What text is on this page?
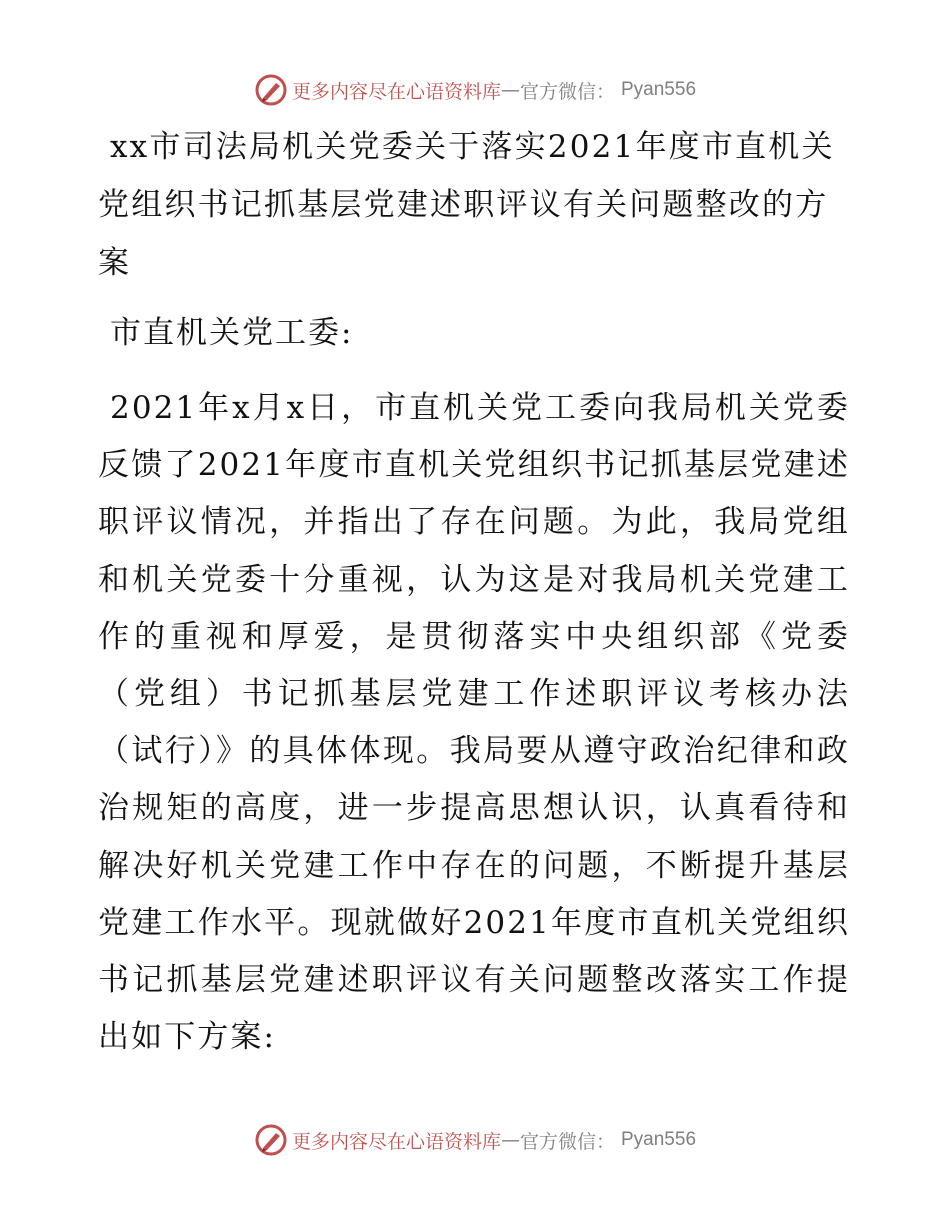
更多内容尽在心语资料库 — 官方微信： Pyan556
xx市司法局机关党委关于落实2021年度市直机关党组织书记抓基层党建述职评议有关问题整改的方案

市直机关党工委:

2021年x月x日，市直机关党工委向我局机关党委反馈了2021年度市直机关党组织书记抓基层党建述职评议情况，并指出了存在问题。为此，我局党组和机关党委十分重视，认为这是对我局机关党建工作的重视和厚爱，是贯彻落实中央组织部《党委（党组）书记抓基层党建工作述职评议考核办法（试行）》的具体体现。我局要从遵守政治纪律和政治规矩的高度，进一步提高思想认识，认真看待和解决好机关党建工作中存在的问题，不断提升基层党建工作水平。现就做好2021年度市直机关党组织书记抓基层党建述职评议有关问题整改落实工作提出如下方案:

更多内容尽在心语资料库 — 官方微信： Pyan556
